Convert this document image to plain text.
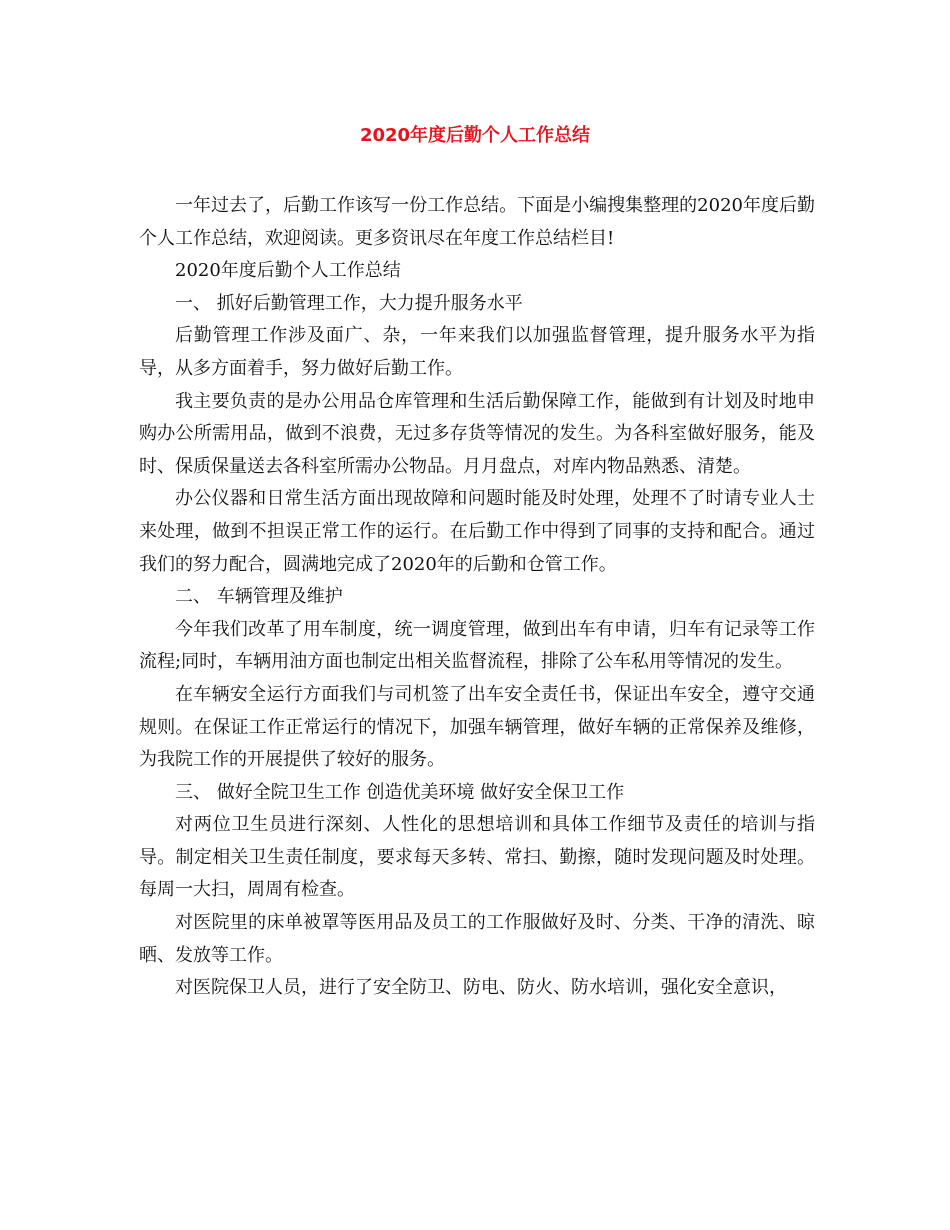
2020年度后勤个人工作总结

一年过去了，后勤工作该写一份工作总结。下面是小编搜集整理的2020年度后勤个人工作总结，欢迎阅读。更多资讯尽在年度工作总结栏目!

2020年度后勤个人工作总结

一、 抓好后勤管理工作，大力提升服务水平

后勤管理工作涉及面广、杂，一年来我们以加强监督管理，提升服务水平为指导，从多方面着手，努力做好后勤工作。

我主要负责的是办公用品仓库管理和生活后勤保障工作，能做到有计划及时地申购办公所需用品，做到不浪费，无过多存货等情况的发生。为各科室做好服务，能及时、保质保量送去各科室所需办公物品。月月盘点，对库内物品熟悉、清楚。

办公仪器和日常生活方面出现故障和问题时能及时处理，处理不了时请专业人士来处理，做到不担误正常工作的运行。在后勤工作中得到了同事的支持和配合。通过我们的努力配合，圆满地完成了2020年的后勤和仓管工作。

二、 车辆管理及维护

今年我们改革了用车制度，统一调度管理，做到出车有申请，归车有记录等工作流程;同时，车辆用油方面也制定出相关监督流程，排除了公车私用等情况的发生。

在车辆安全运行方面我们与司机签了出车安全责任书，保证出车安全，遵守交通规则。在保证工作正常运行的情况下，加强车辆管理，做好车辆的正常保养及维修，为我院工作的开展提供了较好的服务。

三、 做好全院卫生工作 创造优美环境 做好安全保卫工作

对两位卫生员进行深刻、人性化的思想培训和具体工作细节及责任的培训与指导。制定相关卫生责任制度，要求每天多转、常扫、勤擦，随时发现问题及时处理。每周一大扫，周周有检查。

对医院里的床单被罩等医用品及员工的工作服做好及时、分类、干净的清洗、晾晒、发放等工作。

对医院保卫人员，进行了安全防卫、防电、防火、防水培训，强化安全意识，
